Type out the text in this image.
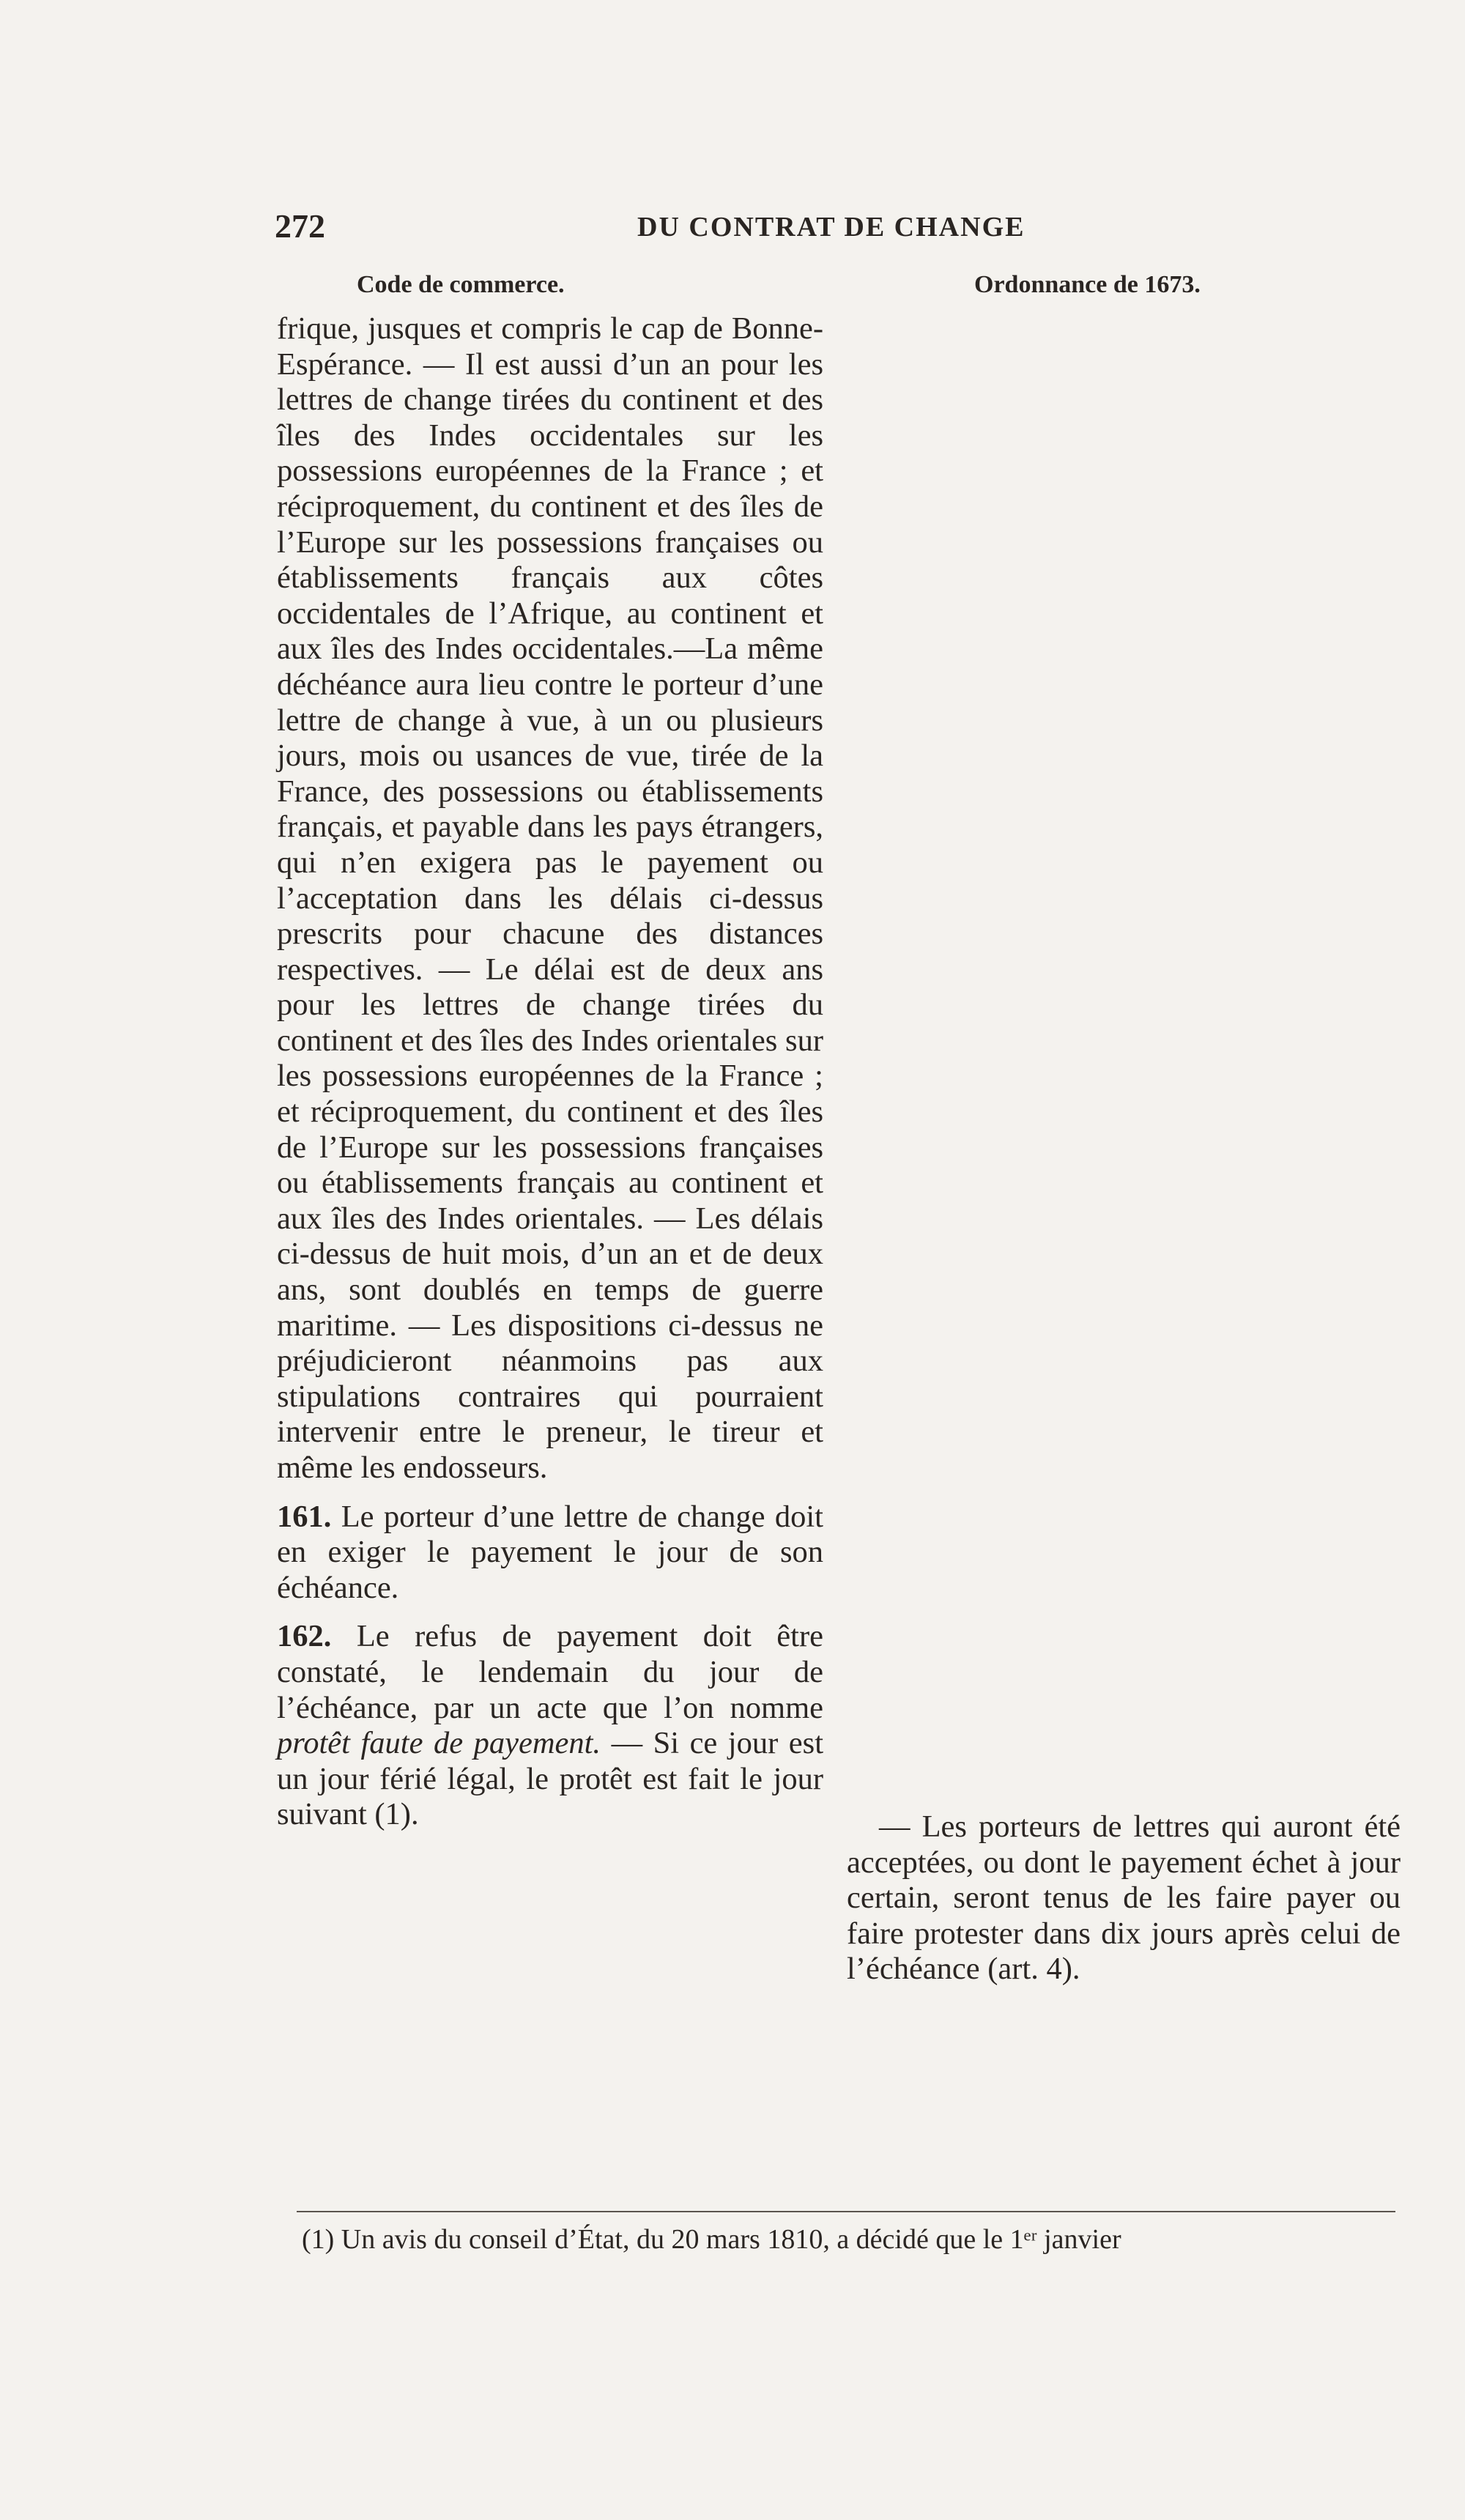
272	DU CONTRAT DE CHANGE
Code de commerce.	Ordonnance de 1673.

frique, jusques et compris le cap de Bonne-Espérance. — Il est aussi d’un an pour les lettres de change tirées du continent et des îles des Indes occidentales sur les possessions européennes de la France ; et réciproquement, du continent et des îles de l’Europe sur les possessions françaises ou établissements français aux côtes occidentales de l’Afrique, au continent et aux îles des Indes occidentales.—La même déchéance aura lieu contre le porteur d’une lettre de change à vue, à un ou plusieurs jours, mois ou usances de vue, tirée de la France, des possessions ou établissements français, et payable dans les pays étrangers, qui n’en exigera pas le payement ou l’acceptation dans les délais ci-dessus prescrits pour chacune des distances respectives. — Le délai est de deux ans pour les lettres de change tirées du continent et des îles des Indes orientales sur les possessions européennes de la France ; et réciproquement, du continent et des îles de l’Europe sur les possessions françaises ou établissements français au continent et aux îles des Indes orientales. — Les délais ci-dessus de huit mois, d’un an et de deux ans, sont doublés en temps de guerre maritime. — Les dispositions ci-dessus ne préjudicieront néanmoins pas aux stipulations contraires qui pourraient intervenir entre le preneur, le tireur et même les endosseurs.

161. Le porteur d’une lettre de change doit en exiger le payement le jour de son échéance.

162. Le refus de payement doit être constaté, le lendemain du jour de l’échéance, par un acte que l’on nomme protêt faute de payement. — Si ce jour est un jour férié légal, le protêt est fait le jour suivant (1).	— Les porteurs de lettres qui auront été acceptées, ou dont le payement échet à jour certain, seront tenus de les faire payer ou faire protester dans dix jours après celui de l’échéance (art. 4).

(1) Un avis du conseil d’État, du 20 mars 1810, a décidé que le 1ᵉʳ janvier
